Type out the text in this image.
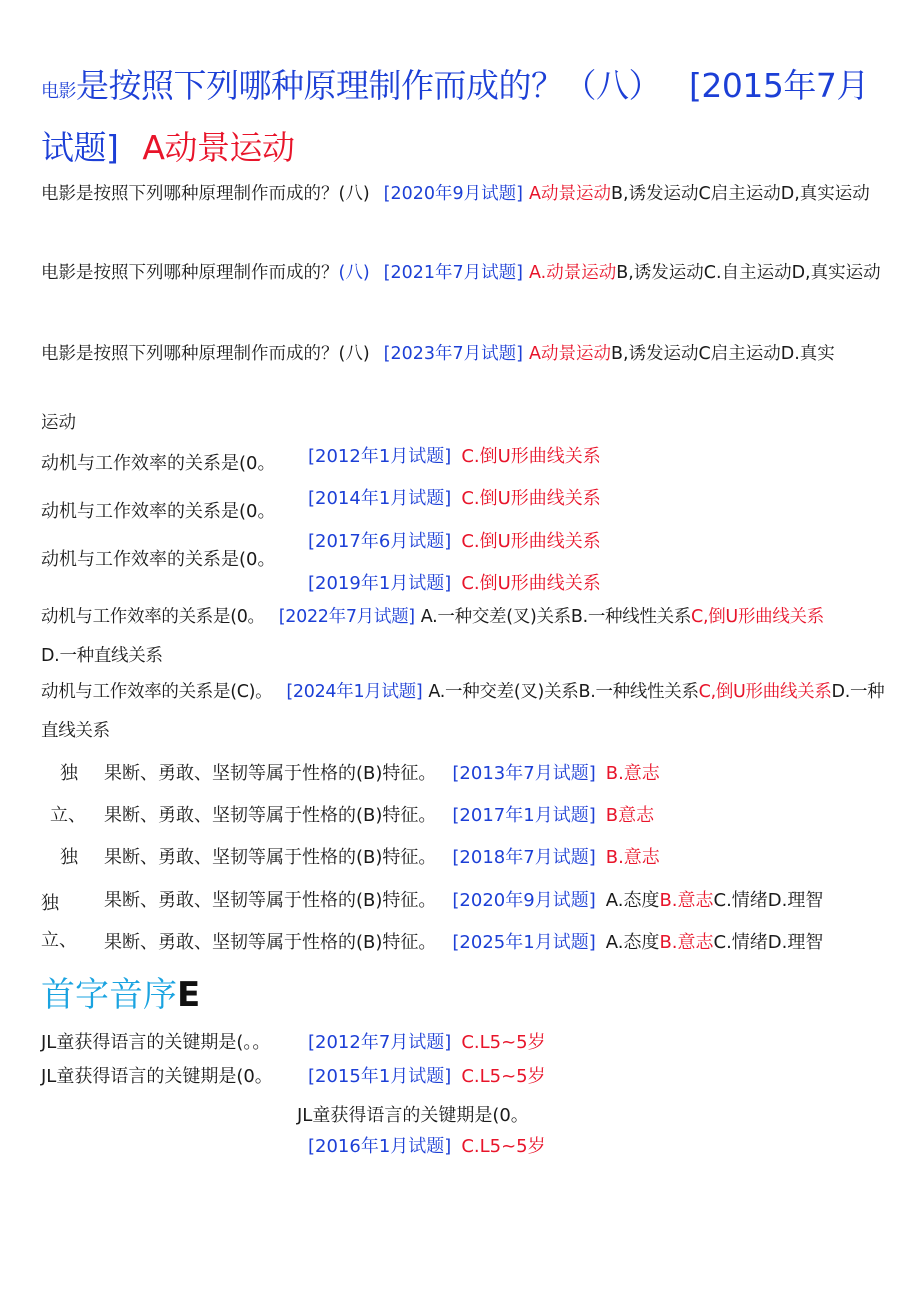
电影是按照下列哪种原理制作而成的？（八） [2015年7月试题] A动景运动
电影是按照下列哪种原理制作而成的？(八) [2020年9月试题] A动景运动B,诱发运动C启主运动D,真实运动
电影是按照下列哪种原理制作而成的？(八) [2021年7月试题] A.动景运动B,诱发运动C.自主运动D,真实运动
电影是按照下列哪种原理制作而成的？(八) [2023年7月试题] A动景运动B,诱发运动C启主运动D.真实
运动
动机与工作效率的关系是(0。
动机与工作效率的关系是(0。
动机与工作效率的关系是(0。
[2012年1月试题] C.倒U形曲线关系
[2014年1月试题] C.倒U形曲线关系
[2017年6月试题] C.倒U形曲线关系
[2019年1月试题] C.倒U形曲线关系
动机与工作效率的关系是(0。 [2022年7月试题] A.一种交差(叉)关系B.一种线性关系C,倒U形曲线关系
D.一种直线关系
动机与工作效率的关系是(C)。 [2024年1月试题] A.一种交差(叉)关系B.一种线性关系C,倒U形曲线关系D.一种直线关系
独
立、
独
独
立、
果断、勇敢、坚韧等属于性格的(B)特征。 [2013年7月试题] B.意志
果断、勇敢、坚韧等属于性格的(B)特征。 [2017年1月试题] B意志
果断、勇敢、坚韧等属于性格的(B)特征。 [2018年7月试题] B.意志
果断、勇敢、坚韧等属于性格的(B)特征。 [2020年9月试题] A.态度B.意志C.情绪D.理智
果断、勇敢、坚韧等属于性格的(B)特征。 [2025年1月试题] A.态度B.意志C.情绪D.理智
首字音序E
JL童获得语言的关键期是(。。 [2012年7月试题] C.L5~5岁
JL童获得语言的关键期是(0。 [2015年1月试题] C.L5~5岁
JL童获得语言的关键期是(0。
[2016年1月试题] C.L5~5岁
